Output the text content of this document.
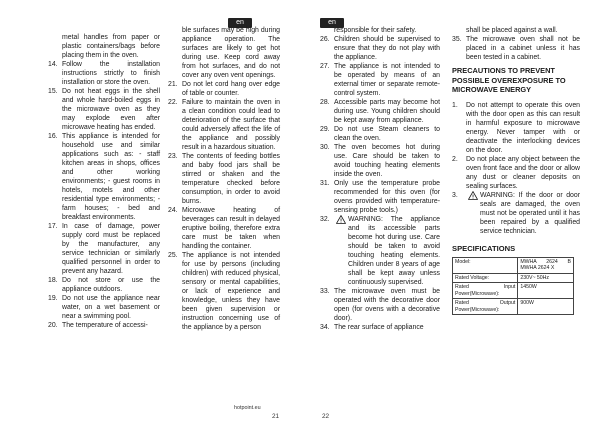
en
metal handles from paper or plastic containers/bags before placing them in the oven.
14. Follow the installation instructions strictly to finish installation or store the oven.
15. Do not heat eggs in the shell and whole hard-boiled eggs in the microwave oven as they may explode even after microwave heating has ended.
16. This appliance is intended for household use and similar applications such as: - staff kitchen areas in shops, offices and other working environments; - guest rooms in hotels, motels and other residential type environments; - farm houses; - bed and breakfast environments.
17. In case of damage, power supply cord must be replaced by the manufacturer, any service technician or similarly qualified personnel in order to prevent any hazard.
18. Do not store or use the appliance outdoors.
19. Do not use the appliance near water, on a wet basement or near a swimming pool.
20. The temperature of accessi-
ble surfaces may be high during appliance operation. The surfaces are likely to get hot during use. Keep cord away from hot surfaces, and do not cover any oven vent openings.
21. Do not let cord hang over edge of table or counter.
22. Failure to maintain the oven in a clean condition could lead to deterioration of the surface that could adversely affect the life of the appliance and possibly result in a hazardous situation.
23. The contents of feeding bottles and baby food jars shall be stirred or shaken and the temperature checked before consumption, in order to avoid burns.
24. Microwave heating of beverages can result in delayed eruptive boiling, therefore extra care must be taken when handling the container.
25. The appliance is not intended for use by persons (including children) with reduced physical, sensory or mental capabilities, or lack of experience and knowledge, unless they have been given supervision or instruction concerning use of the appliance by a person
hotpoint.eu
21
en
responsible for their safety.
26. Children should be supervised to ensure that they do not play with the appliance.
27. The appliance is not intended to be operated by means of an external timer or separate remote-control system.
28. Accessible parts may become hot during use. Young children should be kept away from appliance.
29. Do not use Steam cleaners to clean the oven.
30. The oven becomes hot during use. Care should be taken to avoid touching heating elements inside the oven.
31. Only use the temperature probe recommended for this oven (for ovens provided with temperature-sensing probe tools.)
32.	! WARNING: The appliance and its accessible parts become hot during use. Care should be taken to avoid touching heating elements. Children under 8 years of age shall be kept away unless continuously supervised.
33. The microwave oven must be operated with the decorative door open (for ovens with a decorative door).
34. The rear surface of appliance
shall be placed against a wall.
35. The microwave oven shall not be placed in a cabinet unless it has been tested in a cabinet.
PRECAUTIONS TO PREVENT POSSIBLE OVEREXPOSURE TO MICROWAVE ENERGY
1.	Do not attempt to operate this oven with the door open as this can result in harmful exposure to microwave energy. Never tamper with or deactivate the interlocking devices on the door.
2.	Do not place any object between the oven front face and the door or allow any dust or cleaner deposits on sealing surfaces.
3.	! WARNING: If the door or door seals are damaged, the oven must not be operated until it has been repaired by a qualified service technician.
SPECIFICATIONS
Model:	MWHA 2624 B MWHA 2624 X
Rated Voltage:	230V~ 50Hz
Rated Input Power(Microwave):	1450W
Rated Output Power(Microwave):	900W
22
